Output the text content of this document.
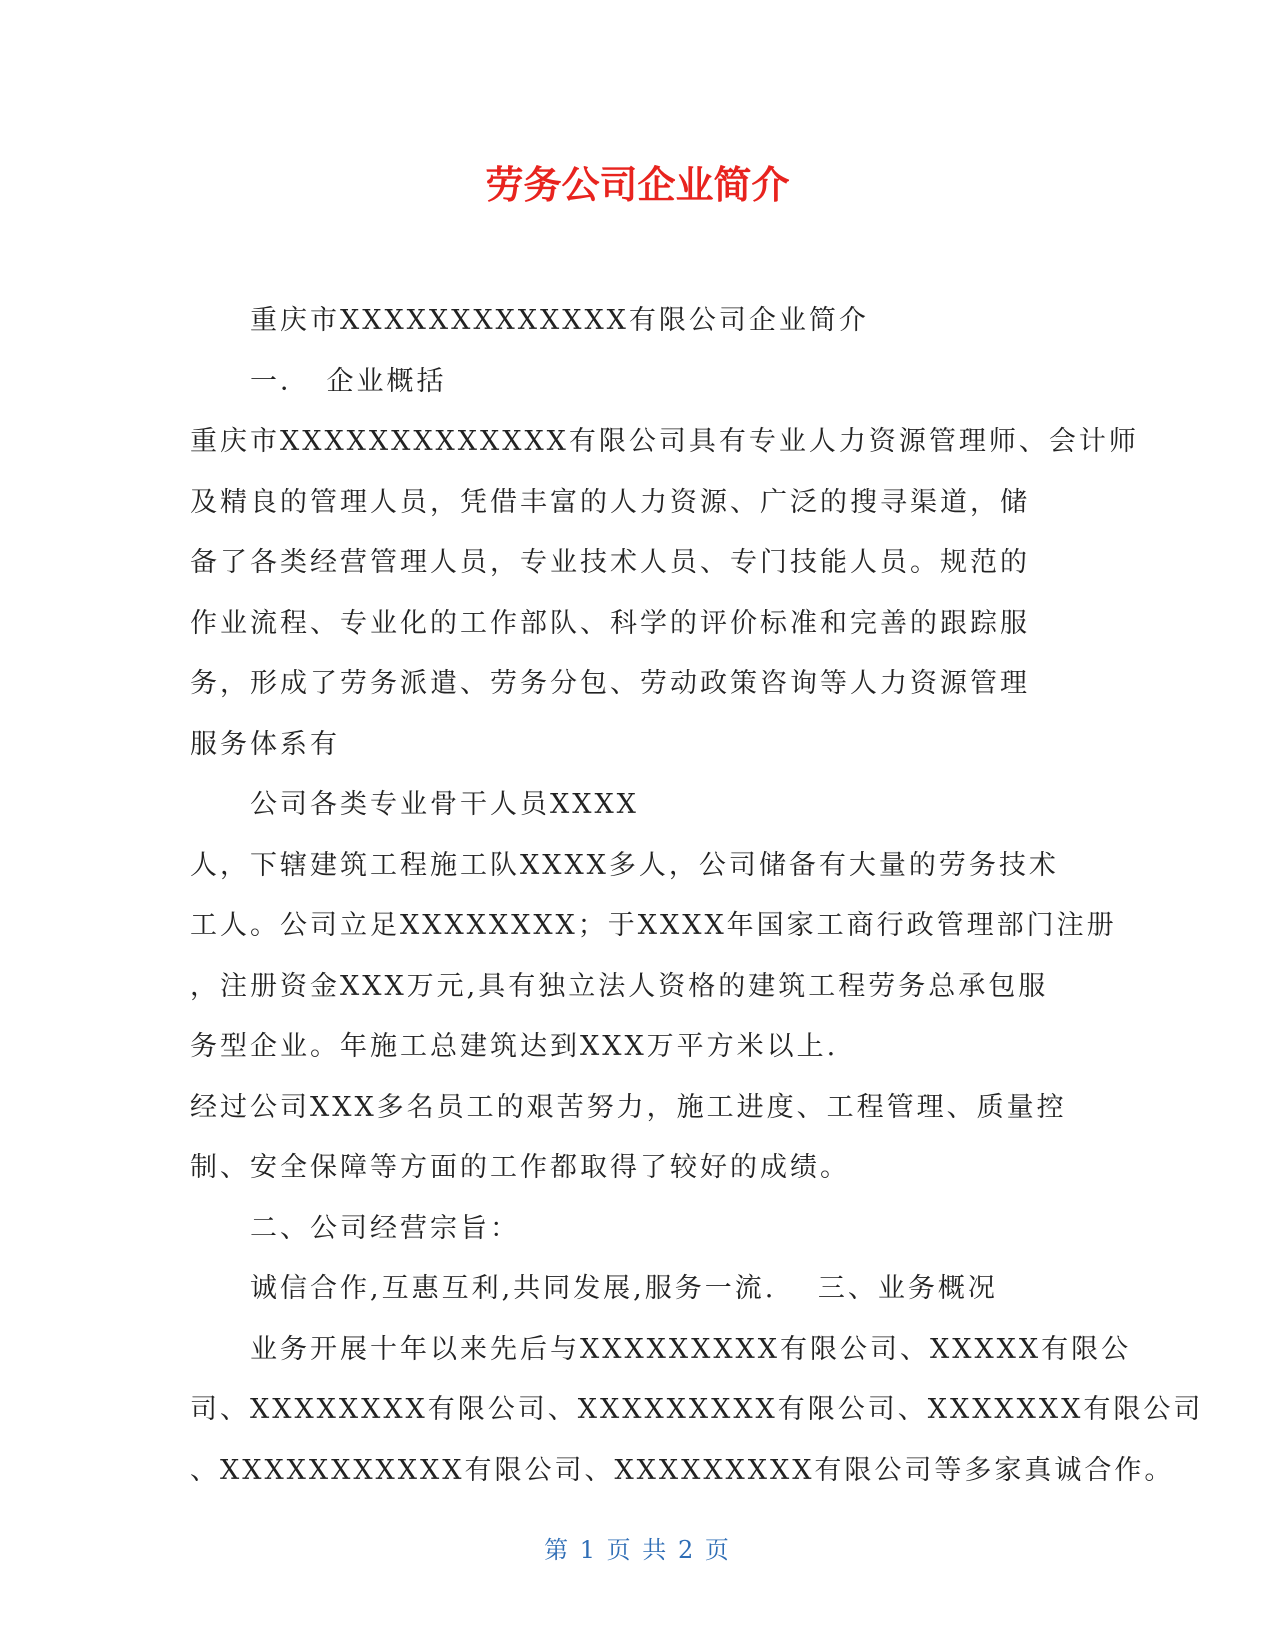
劳务公司企业简介

重庆市XXXXXXXXXXXXX有限公司企业简介

一．　企业概括

重庆市XXXXXXXXXXXXX有限公司具有专业人力资源管理师、会计师

及精良的管理人员，凭借丰富的人力资源、广泛的搜寻渠道，储

备了各类经营管理人员，专业技术人员、专门技能人员。规范的

作业流程、专业化的工作部队、科学的评价标准和完善的跟踪服

务，形成了劳务派遣、劳务分包、劳动政策咨询等人力资源管理

服务体系有

公司各类专业骨干人员XXXX

人，下辖建筑工程施工队XXXX多人，公司储备有大量的劳务技术

工人。公司立足XXXXXXXX；于XXXX年国家工商行政管理部门注册

，注册资金XXX万元,具有独立法人资格的建筑工程劳务总承包服

务型企业。年施工总建筑达到XXX万平方米以上.

经过公司XXX多名员工的艰苦努力，施工进度、工程管理、质量控

制、安全保障等方面的工作都取得了较好的成绩。

二、公司经营宗旨：

诚信合作,互惠互利,共同发展,服务一流.　 三、业务概况

业务开展十年以来先后与XXXXXXXXX有限公司、XXXXX有限公

司、XXXXXXXX有限公司、XXXXXXXXX有限公司、XXXXXXX有限公司

、XXXXXXXXXXX有限公司、XXXXXXXXX有限公司等多家真诚合作。

第 1 页 共 2 页
